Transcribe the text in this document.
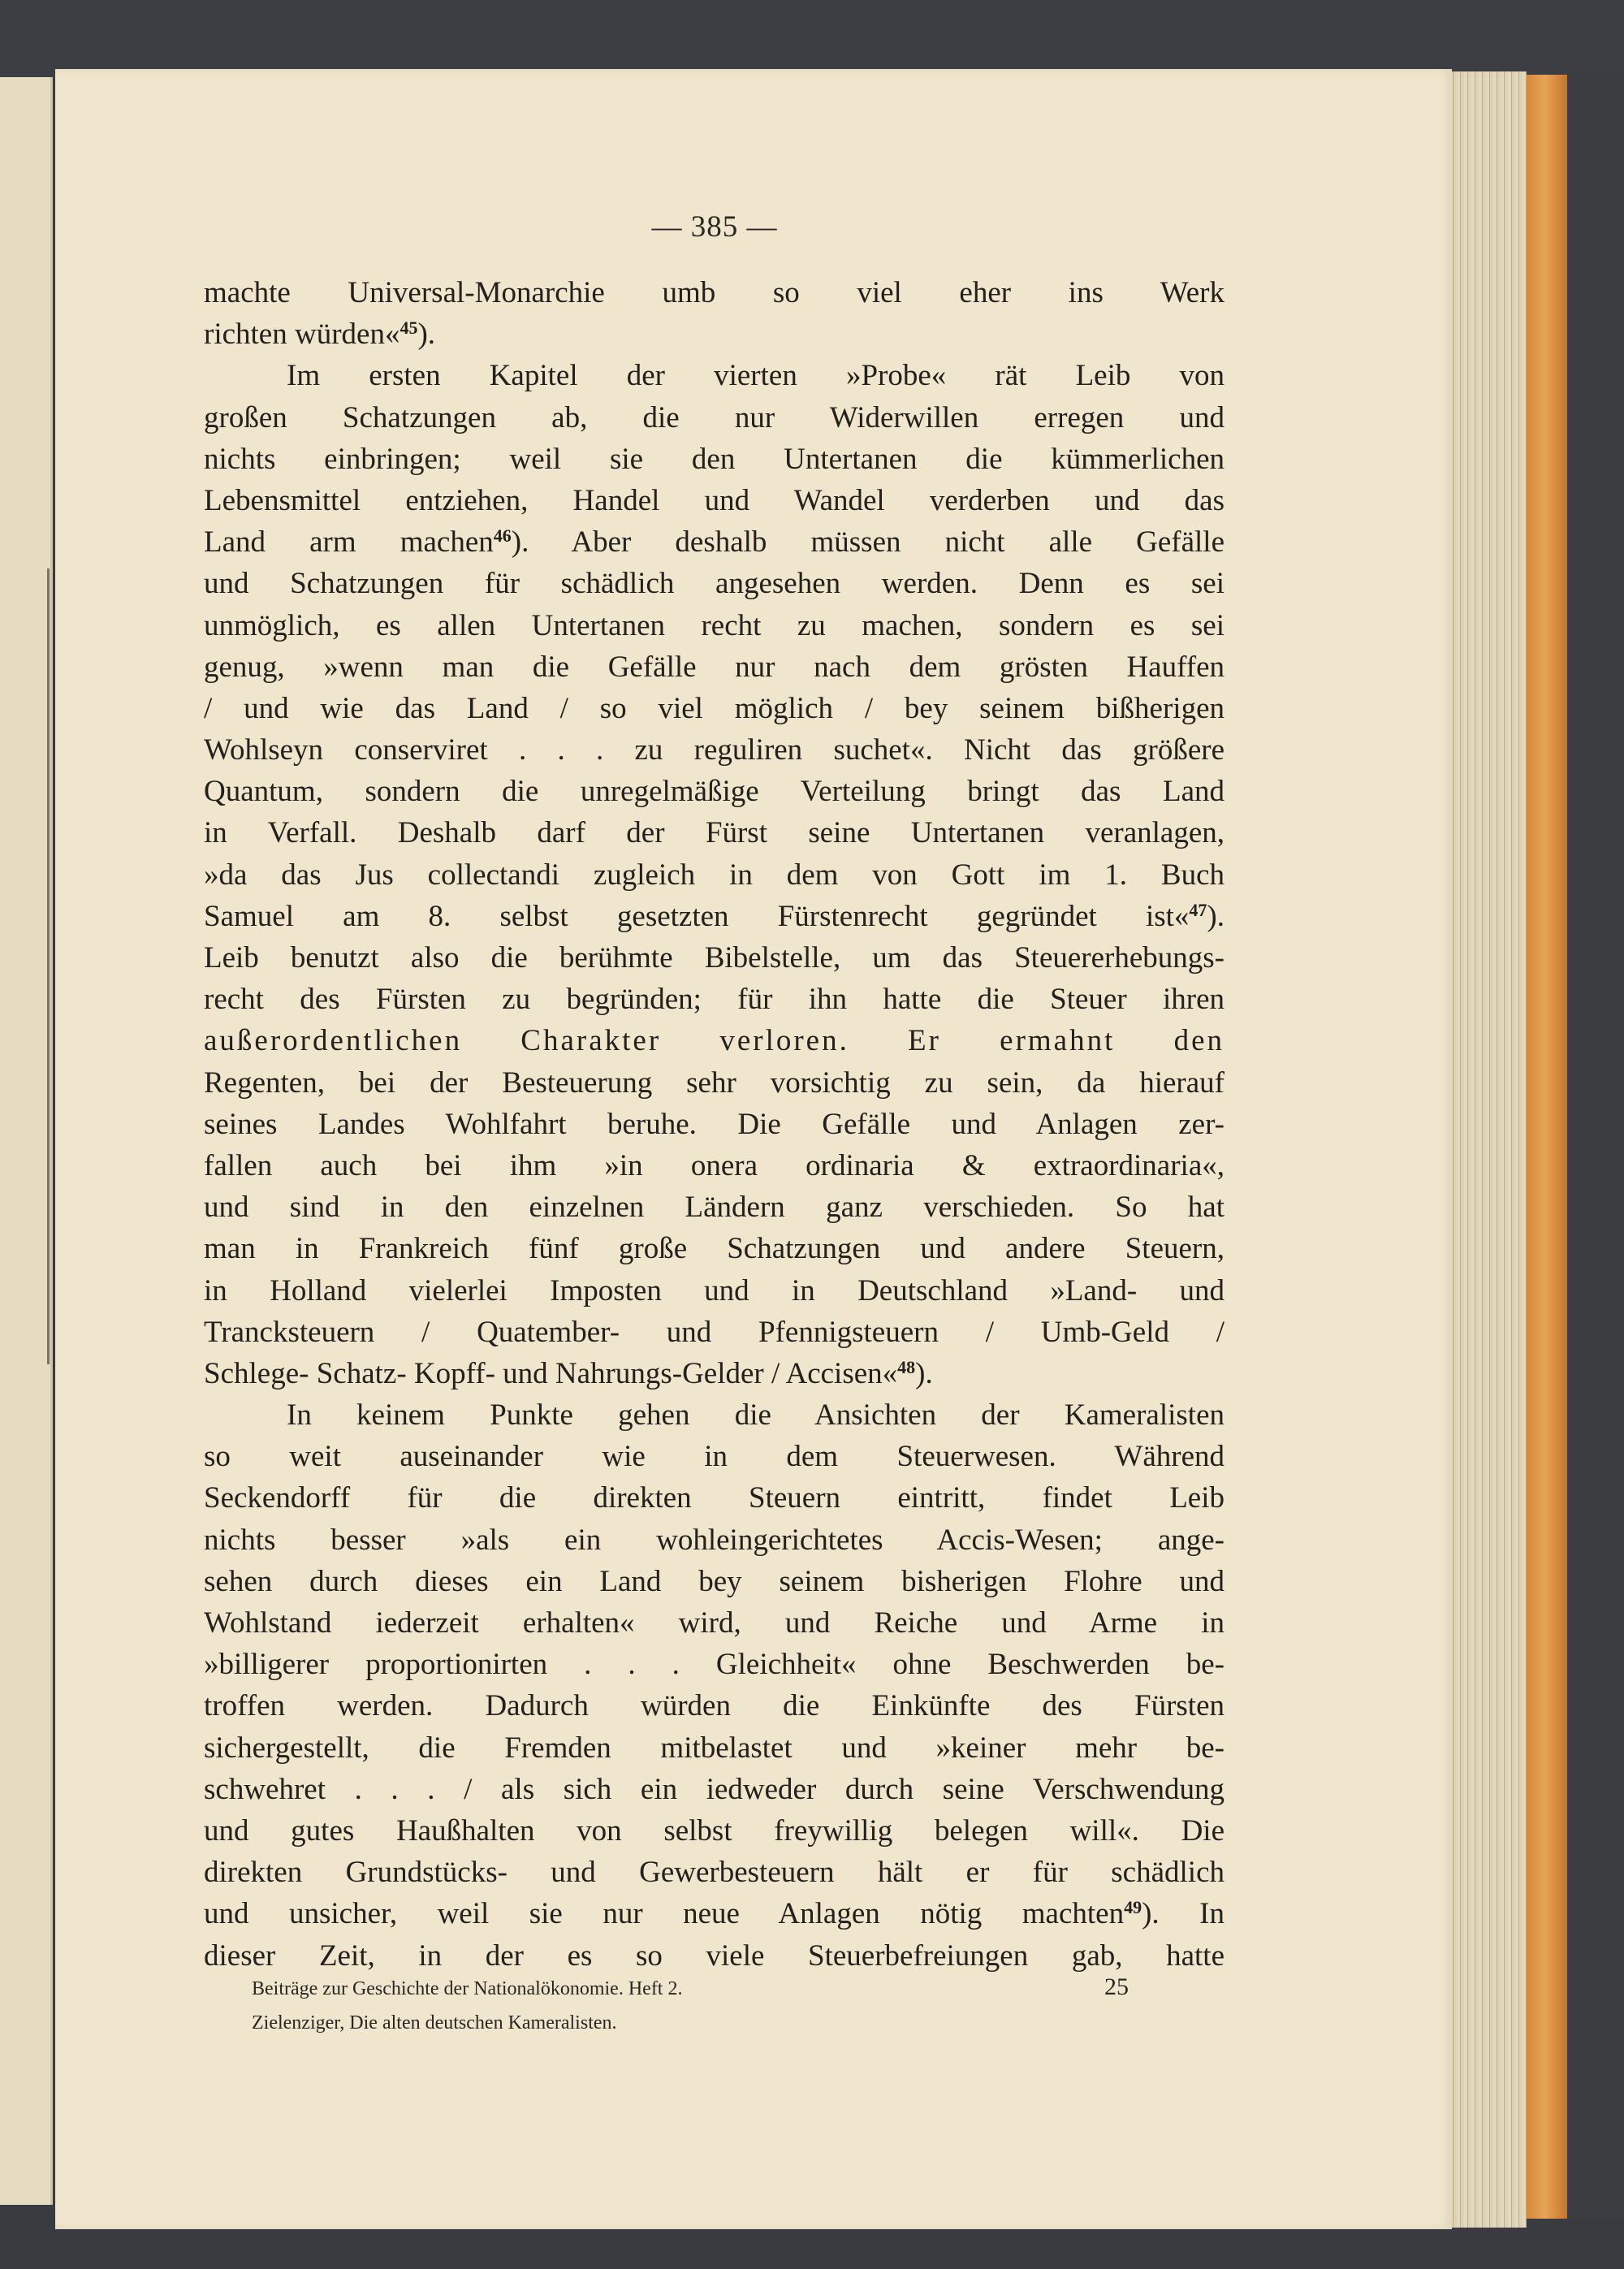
— 385 —
machte Universal-Monarchie umb so viel eher ins Werk
richten würden«$^{45}$).
Im ersten Kapitel der vierten »Probe« rät Leib von
großen Schatzungen ab, die nur Widerwillen erregen und
nichts einbringen; weil sie den Untertanen die kümmerlichen
Lebensmittel entziehen, Handel und Wandel verderben und das
Land arm machen$^{46}$). Aber deshalb müssen nicht alle Gefälle
und Schatzungen für schädlich angesehen werden. Denn es sei
unmöglich, es allen Untertanen recht zu machen, sondern es sei
genug, »wenn man die Gefälle nur nach dem grösten Hauffen
/ und wie das Land / so viel möglich / bey seinem bißherigen
Wohlseyn conserviret . . . zu reguliren suchet«. Nicht das größere
Quantum, sondern die unregelmäßige Verteilung bringt das Land
in Verfall. Deshalb darf der Fürst seine Untertanen veranlagen,
»da das Jus collectandi zugleich in dem von Gott im 1. Buch
Samuel am 8. selbst gesetzten Fürstenrecht gegründet ist«$^{47}$).
Leib benutzt also die berühmte Bibelstelle, um das Steuererhebungs-
recht des Fürsten zu begründen; für ihn hatte die Steuer ihren
außerordentlichen Charakter verloren. Er ermahnt den
Regenten, bei der Besteuerung sehr vorsichtig zu sein, da hierauf
seines Landes Wohlfahrt beruhe. Die Gefälle und Anlagen zer-
fallen auch bei ihm »in onera ordinaria & extraordinaria«,
und sind in den einzelnen Ländern ganz verschieden. So hat
man in Frankreich fünf große Schatzungen und andere Steuern,
in Holland vielerlei Imposten und in Deutschland »Land- und
Trancksteuern / Quatember- und Pfennigsteuern / Umb-Geld /
Schlege- Schatz- Kopff- und Nahrungs-Gelder / Accisen«$^{48}$).
In keinem Punkte gehen die Ansichten der Kameralisten
so weit auseinander wie in dem Steuerwesen. Während
Seckendorff für die direkten Steuern eintritt, findet Leib
nichts besser »als ein wohleingerichtetes Accis-Wesen; ange-
sehen durch dieses ein Land bey seinem bisherigen Flohre und
Wohlstand iederzeit erhalten« wird, und Reiche und Arme in
»billigerer proportionirten . . . Gleichheit« ohne Beschwerden be-
troffen werden. Dadurch würden die Einkünfte des Fürsten
sichergestellt, die Fremden mitbelastet und »keiner mehr be-
schwehret . . . / als sich ein iedweder durch seine Verschwendung
und gutes Haußhalten von selbst freywillig belegen will«. Die
direkten Grundstücks- und Gewerbesteuern hält er für schädlich
und unsicher, weil sie nur neue Anlagen nötig machten$^{49}$). In
dieser Zeit, in der es so viele Steuerbefreiungen gab, hatte
Beiträge zur Geschichte der Nationalökonomie. Heft 2.	25
Zielenziger, Die alten deutschen Kameralisten.
